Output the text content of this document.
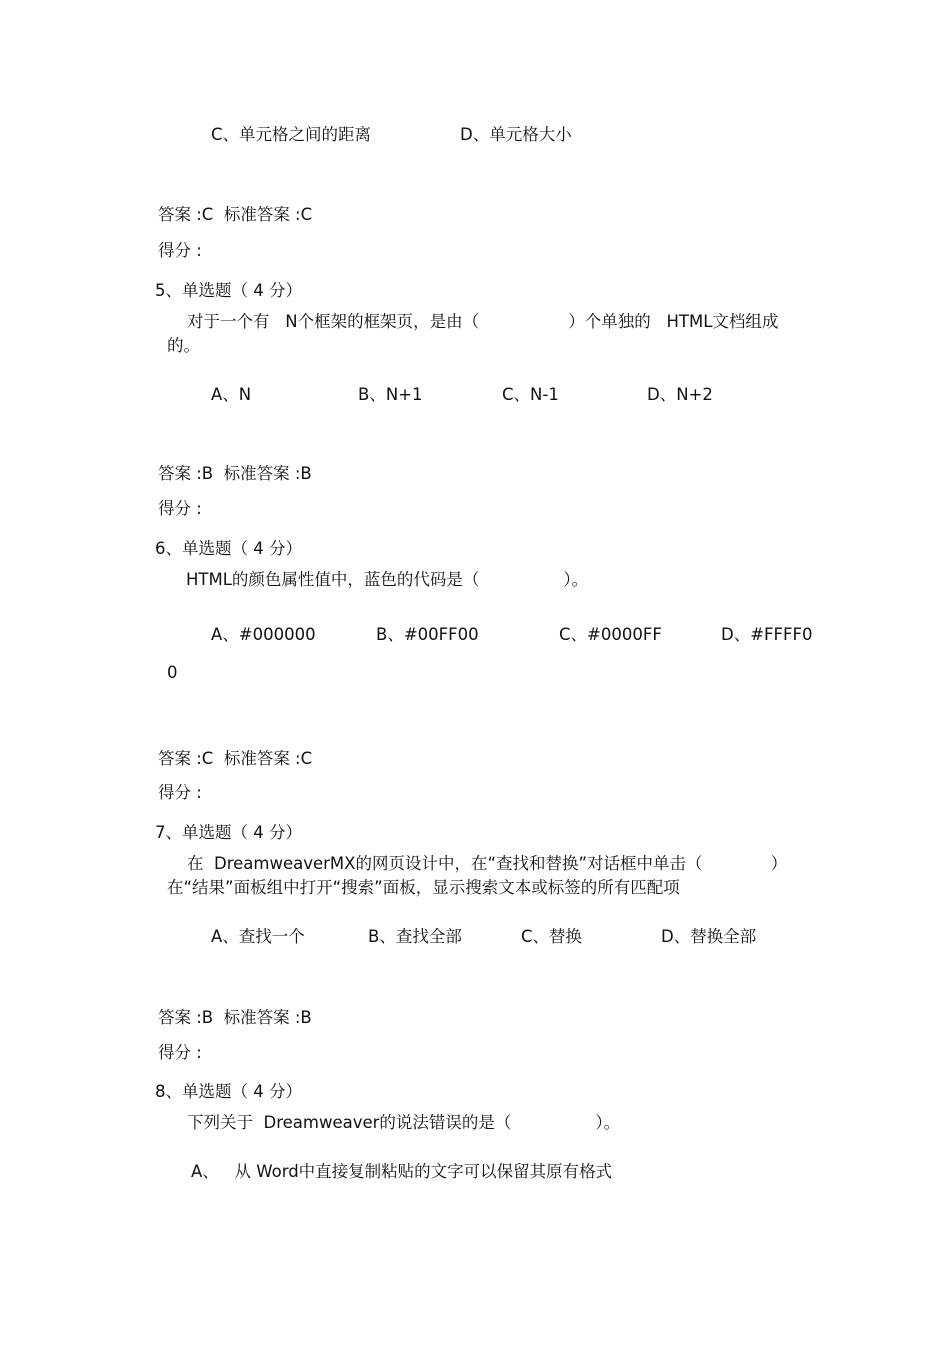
C、单元格之间的距离	D、单元格大小
答案 :C  标准答案 :C
得分 :
5、单选题（ 4 分）
对于一个有   N个框架的框架页，是由（                 ）个单独的   HTML文档组成
的。
A、N	B、N+1	C、N-1	D、N+2
答案 :B  标准答案 :B
得分 :
6、单选题（ 4 分）
HTML的颜色属性值中，蓝色的代码是（                ）。
A、#000000	B、#00FF00	C、#0000FF	D、#FFFF0
0
答案 :C  标准答案 :C
得分 :
7、单选题（ 4 分）
在  DreamweaverMX的网页设计中，在“查找和替换”对话框中单击（             ）
在“结果”面板组中打开“搜索”面板，显示搜索文本或标签的所有匹配项
A、查找一个	B、查找全部	C、替换	D、替换全部
答案 :B  标准答案 :B
得分 :
8、单选题（ 4 分）
下列关于  Dreamweaver的说法错误的是（                ）。
A、   从 Word中直接复制粘贴的文字可以保留其原有格式
